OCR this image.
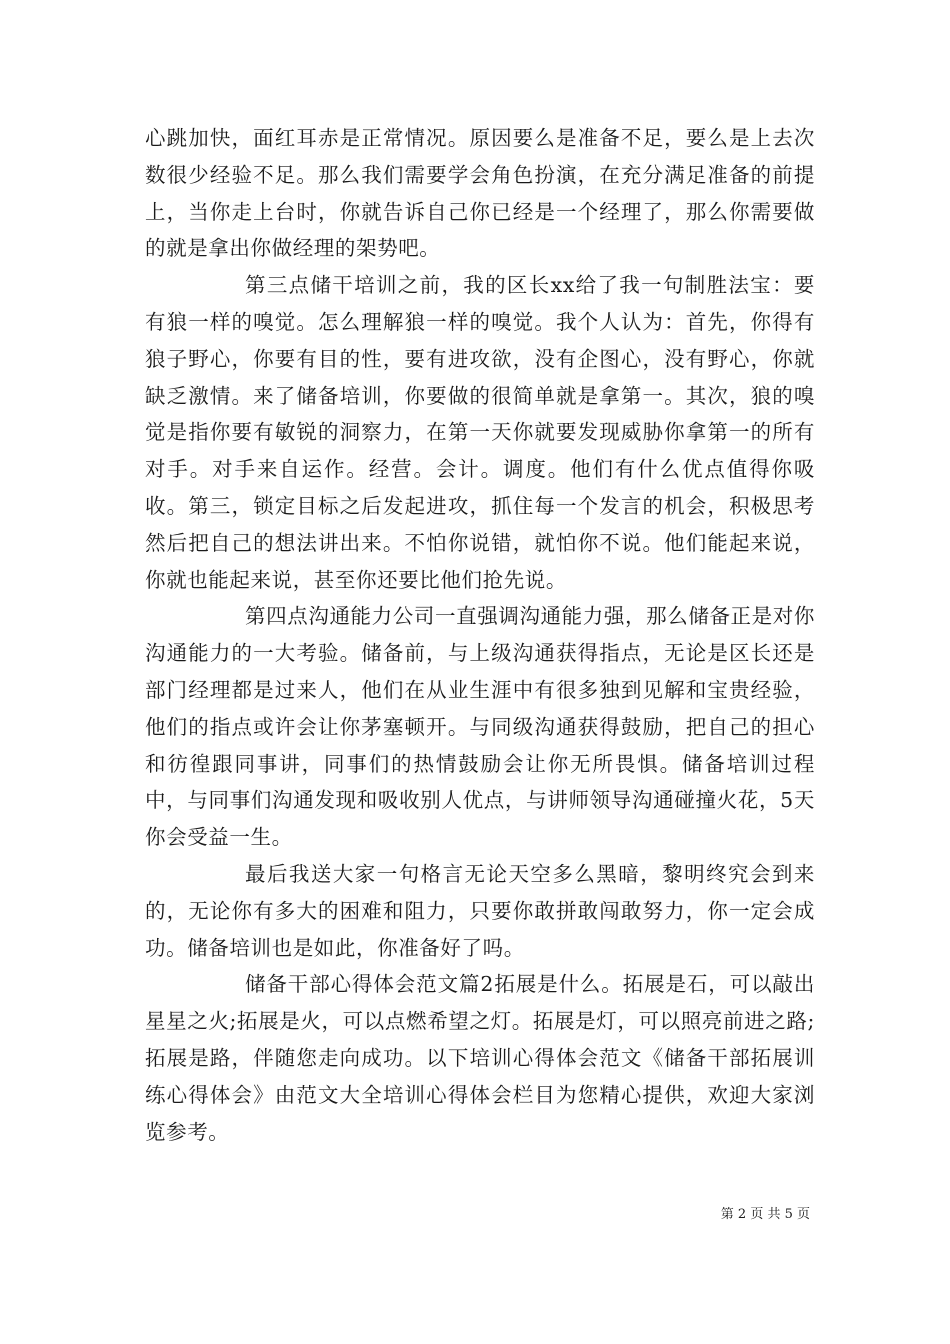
心跳加快，面红耳赤是正常情况。原因要么是准备不足，要么是上去次数很少经验不足。那么我们需要学会角色扮演，在充分满足准备的前提上，当你走上台时，你就告诉自己你已经是一个经理了，那么你需要做的就是拿出你做经理的架势吧。

第三点储干培训之前，我的区长xx给了我一句制胜法宝：要有狼一样的嗅觉。怎么理解狼一样的嗅觉。我个人认为：首先，你得有狼子野心，你要有目的性，要有进攻欲，没有企图心，没有野心，你就缺乏激情。来了储备培训，你要做的很简单就是拿第一。其次，狼的嗅觉是指你要有敏锐的洞察力，在第一天你就要发现威胁你拿第一的所有对手。对手来自运作。经营。会计。调度。他们有什么优点值得你吸收。第三，锁定目标之后发起进攻，抓住每一个发言的机会，积极思考然后把自己的想法讲出来。不怕你说错，就怕你不说。他们能起来说，你就也能起来说，甚至你还要比他们抢先说。

第四点沟通能力公司一直强调沟通能力强，那么储备正是对你沟通能力的一大考验。储备前，与上级沟通获得指点，无论是区长还是部门经理都是过来人，他们在从业生涯中有很多独到见解和宝贵经验，他们的指点或许会让你茅塞顿开。与同级沟通获得鼓励，把自己的担心和彷徨跟同事讲，同事们的热情鼓励会让你无所畏惧。储备培训过程中，与同事们沟通发现和吸收别人优点，与讲师领导沟通碰撞火花，5天你会受益一生。

最后我送大家一句格言无论天空多么黑暗，黎明终究会到来的，无论你有多大的困难和阻力，只要你敢拼敢闯敢努力，你一定会成功。储备培训也是如此，你准备好了吗。

储备干部心得体会范文篇2拓展是什么。拓展是石，可以敲出星星之火;拓展是火，可以点燃希望之灯。拓展是灯，可以照亮前进之路;拓展是路，伴随您走向成功。以下培训心得体会范文《储备干部拓展训练心得体会》由范文大全培训心得体会栏目为您精心提供，欢迎大家浏览参考。

第 2 页 共 5 页
